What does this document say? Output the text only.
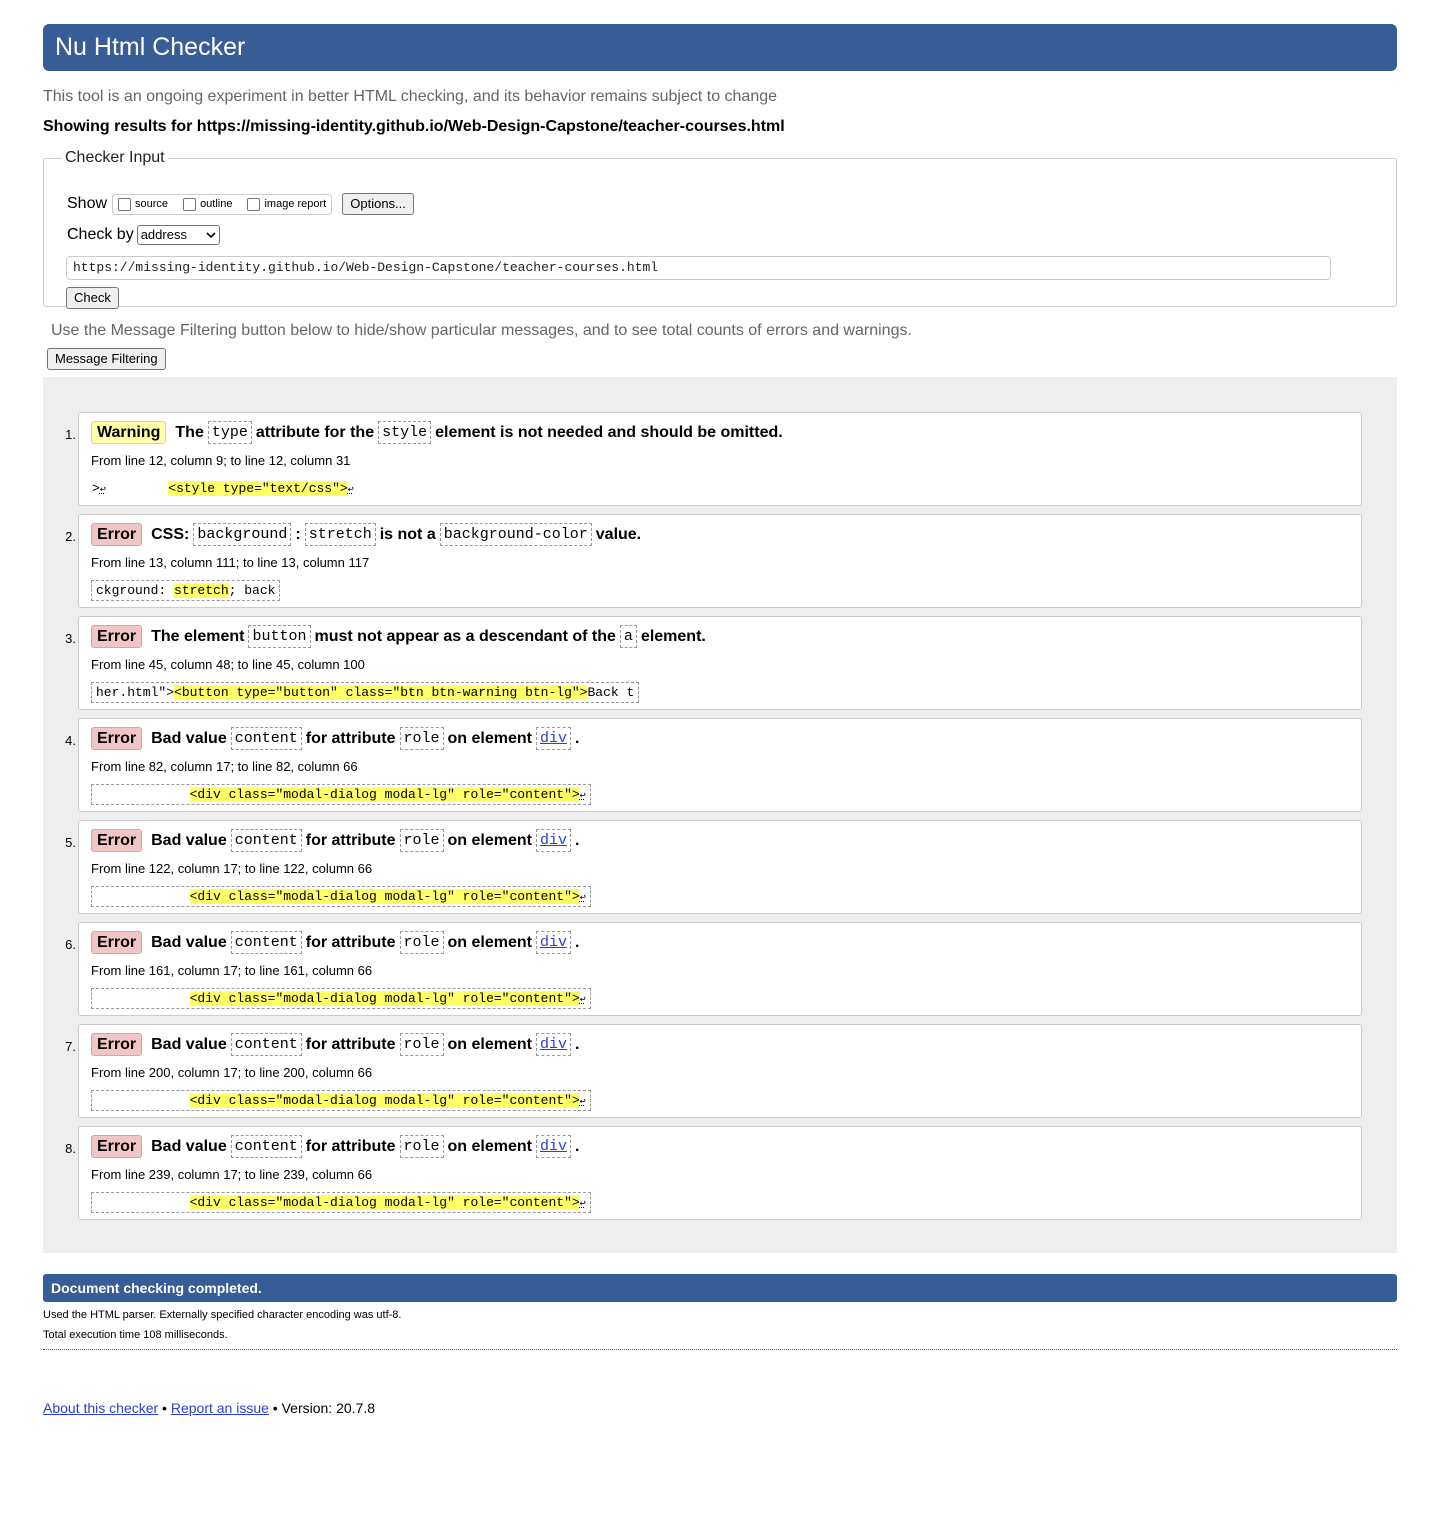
Nu Html Checker
This tool is an ongoing experiment in better HTML checking, and its behavior remains subject to change
Showing results for https://missing-identity.github.io/Web-Design-Capstone/teacher-courses.html
Checker Input
Show	source	outline	image report	Options...
Check by address
https://missing-identity.github.io/Web-Design-Capstone/teacher-courses.html
Check
Use the Message Filtering button below to hide/show particular messages, and to see total counts of errors and warnings.
Message Filtering
1.	Warning The type attribute for the style element is not needed and should be omitted.
From line 12, column 9; to line 12, column 31
>↩	<style type="text/css">↩
2.	Error CSS: background : stretch is not a background-color value.
From line 13, column 111; to line 13, column 117
ckground: stretch; back
3.	Error The element button must not appear as a descendant of the a element.
From line 45, column 48; to line 45, column 100
her.html"><button type="button" class="btn btn-warning btn-lg">Back t
4.	Error Bad value content for attribute role on element div .
From line 82, column 17; to line 82, column 66
<div class="modal-dialog modal-lg" role="content">↩
5.	Error Bad value content for attribute role on element div .
From line 122, column 17; to line 122, column 66
<div class="modal-dialog modal-lg" role="content">↩
6.	Error Bad value content for attribute role on element div .
From line 161, column 17; to line 161, column 66
<div class="modal-dialog modal-lg" role="content">↩
7.	Error Bad value content for attribute role on element div .
From line 200, column 17; to line 200, column 66
<div class="modal-dialog modal-lg" role="content">↩
8.	Error Bad value content for attribute role on element div .
From line 239, column 17; to line 239, column 66
<div class="modal-dialog modal-lg" role="content">↩
Document checking completed.
Used the HTML parser. Externally specified character encoding was utf-8.
Total execution time 108 milliseconds.
About this checker • Report an issue • Version: 20.7.8
